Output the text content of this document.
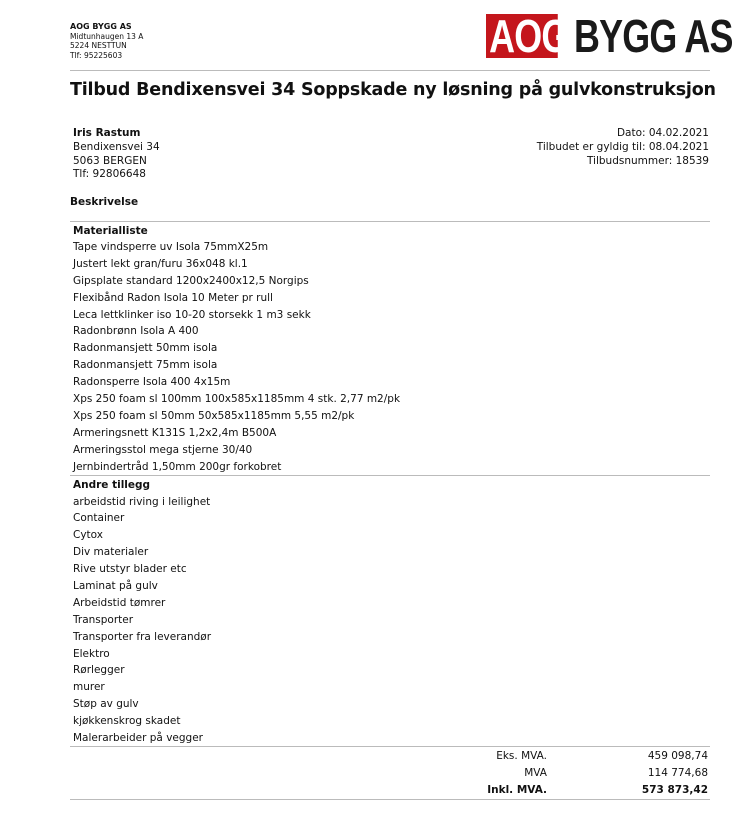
AOG BYGG AS
Midtunhaugen 13 A
5224 NESTTUN
Tlf: 95225603	AOG BYGG AS
Tilbud Bendixensvei 34 Soppskade ny løsning på gulvkonstruksjon
Iris Rastum
Bendixensvei 34
5063 BERGEN
Tlf: 92806648
Dato: 04.02.2021
Tilbudet er gyldig til: 08.04.2021
Tilbudsnummer: 18539
Beskrivelse
Materialliste
Tape vindsperre uv Isola 75mmX25m
Justert lekt gran/furu 36x048 kl.1
Gipsplate standard 1200x2400x12,5 Norgips
Flexibånd Radon Isola 10 Meter pr rull
Leca lettklinker iso 10-20 storsekk 1 m3 sekk
Radonbrønn Isola A 400
Radonmansjett 50mm isola
Radonmansjett 75mm isola
Radonsperre Isola 400 4x15m
Xps 250 foam sl 100mm 100x585x1185mm 4 stk. 2,77 m2/pk
Xps 250 foam sl 50mm 50x585x1185mm 5,55 m2/pk
Armeringsnett K131S 1,2x2,4m B500A
Armeringsstol mega stjerne 30/40
Jernbindertråd 1,50mm 200gr forkobret
Andre tillegg
arbeidstid riving i leilighet
Container
Cytox
Div materialer
Rive utstyr blader etc
Laminat på gulv
Arbeidstid tømrer
Transporter
Transporter fra leverandør
Elektro
Rørlegger
murer
Støp av gulv
kjøkkenskrog skadet
Malerarbeider på vegger
Eks. MVA.	459 098,74
MVA	114 774,68
Inkl. MVA.	573 873,42
